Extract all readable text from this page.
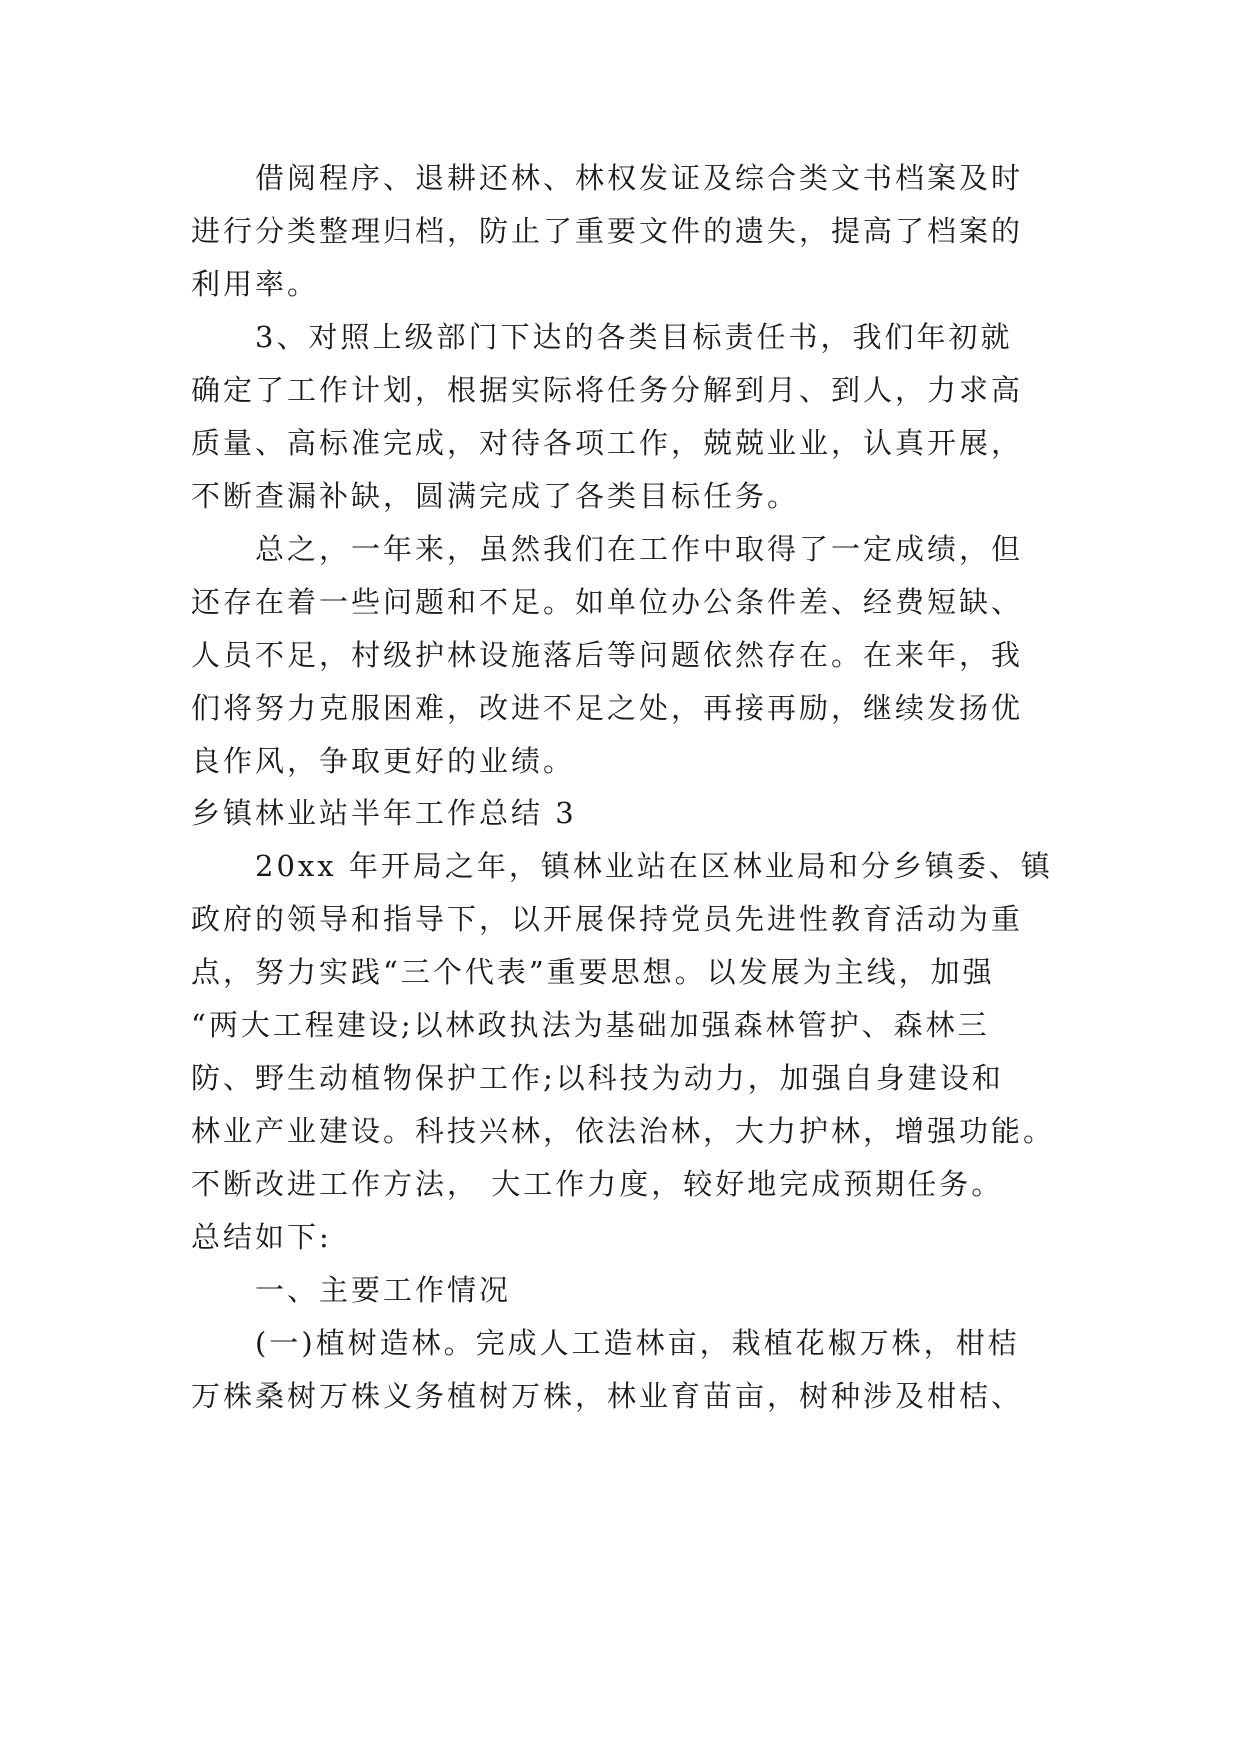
借阅程序、退耕还林、林权发证及综合类文书档案及时
进行分类整理归档，防止了重要文件的遗失，提高了档案的
利用率。
3、对照上级部门下达的各类目标责任书，我们年初就
确定了工作计划，根据实际将任务分解到月、到人，力求高
质量、高标准完成，对待各项工作，兢兢业业，认真开展，
不断查漏补缺，圆满完成了各类目标任务。
总之，一年来，虽然我们在工作中取得了一定成绩，但
还存在着一些问题和不足。如单位办公条件差、经费短缺、
人员不足，村级护林设施落后等问题依然存在。在来年，我
们将努力克服困难，改进不足之处，再接再励，继续发扬优
良作风，争取更好的业绩。
乡镇林业站半年工作总结 3
20xx 年开局之年，镇林业站在区林业局和分乡镇委、镇
政府的领导和指导下，以开展保持党员先进性教育活动为重
点，努力实践“三个代表”重要思想。以发展为主线，加强
“两大工程建设;以林政执法为基础加强森林管护、森林三
防、野生动植物保护工作;以科技为动力，加强自身建设和
林业产业建设。科技兴林，依法治林，大力护林，增强功能。
不断改进工作方法， 大工作力度，较好地完成预期任务。
总结如下:
一、主要工作情况
(一)植树造林。完成人工造林亩，栽植花椒万株，柑桔
万株桑树万株义务植树万株，林业育苗亩，树种涉及柑桔、
